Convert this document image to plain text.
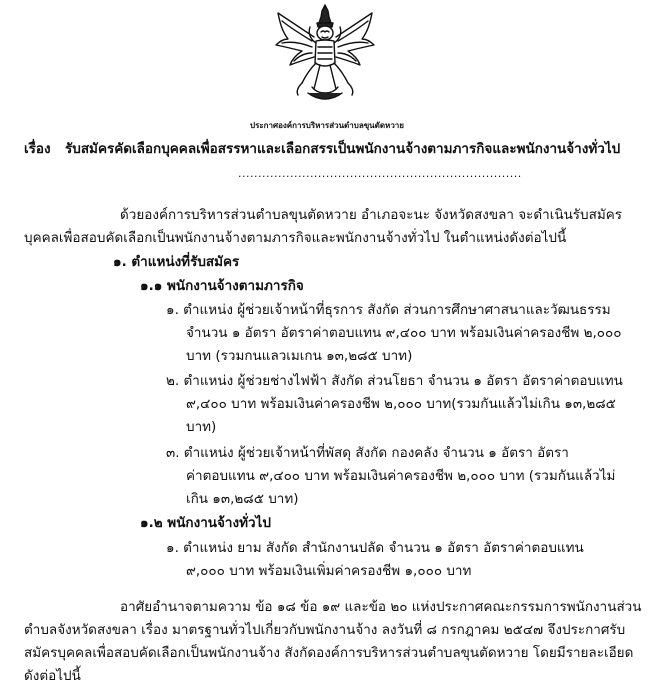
ประกาศองค์การบริหารส่วนตำบลขุนตัดหวาย
เรื่อง รับสมัครคัดเลือกบุคคลเพื่อสรรหาและเลือกสรรเป็นพนักงานจ้างตามภารกิจและพนักงานจ้างทั่วไป
.......................................................................
ด้วยองค์การบริหารส่วนตำบลขุนตัดหวาย อำเภอจะนะ จังหวัดสงขลา จะดำเนินรับสมัคร
บุคคลเพื่อสอบคัดเลือกเป็นพนักงานจ้างตามภารกิจและพนักงานจ้างทั่วไป ในตำแหน่งดังต่อไปนี้
๑. ตำแหน่งที่รับสมัคร
๑.๑ พนักงานจ้างตามภารกิจ
๑. ตำแหน่ง ผู้ช่วยเจ้าหน้าที่ธุรการ สังกัด ส่วนการศึกษาศาสนาและวัฒนธรรม
จำนวน ๑ อัตรา อัตราค่าตอบแทน ๙,๔๐๐ บาท พร้อมเงินค่าครองชีพ ๒,๐๐๐
บาท (รวมกนแลวเมเกน ๑๓,๒๘๕ บาท)
๒. ตำแหน่ง ผู้ช่วยช่างไฟฟ้า สังกัด ส่วนโยธา จำนวน ๑ อัตรา อัตราค่าตอบแทน
๙,๔๐๐ บาท พร้อมเงินค่าครองชีพ ๒,๐๐๐ บาท(รวมกันแล้วไม่เกิน ๑๓,๒๘๕
บาท)
๓. ตำแหน่ง ผู้ช่วยเจ้าหน้าที่พัสดุ สังกัด กองคลัง จำนวน ๑ อัตรา อัตรา
ค่าตอบแทน ๙,๔๐๐ บาท พร้อมเงินค่าครองชีพ ๒,๐๐๐ บาท (รวมกันแล้วไม่
เกิน ๑๓,๒๘๕ บาท)
๑.๒ พนักงานจ้างทั่วไป
๑. ตำแหน่ง ยาม สังกัด สำนักงานปลัด จำนวน ๑ อัตรา อัตราค่าตอบแทน
๙,๐๐๐ บาท พร้อมเงินเพิ่มค่าครองชีพ ๑,๐๐๐ บาท
อาศัยอำนาจตามความ ข้อ ๑๘ ข้อ ๑๙ และข้อ ๒๐ แห่งประกาศคณะกรรมการพนักงานส่วน
ตำบลจังหวัดสงขลา เรื่อง มาตรฐานทั่วไปเกี่ยวกับพนักงานจ้าง ลงวันที่ ๘ กรกฎาคม ๒๕๔๗ จึงประกาศรับ
สมัครบุคคลเพื่อสอบคัดเลือกเป็นพนักงานจ้าง สังกัดองค์การบริหารส่วนตำบลขุนตัดหวาย โดยมีรายละเอียด
ดังต่อไปนี้
